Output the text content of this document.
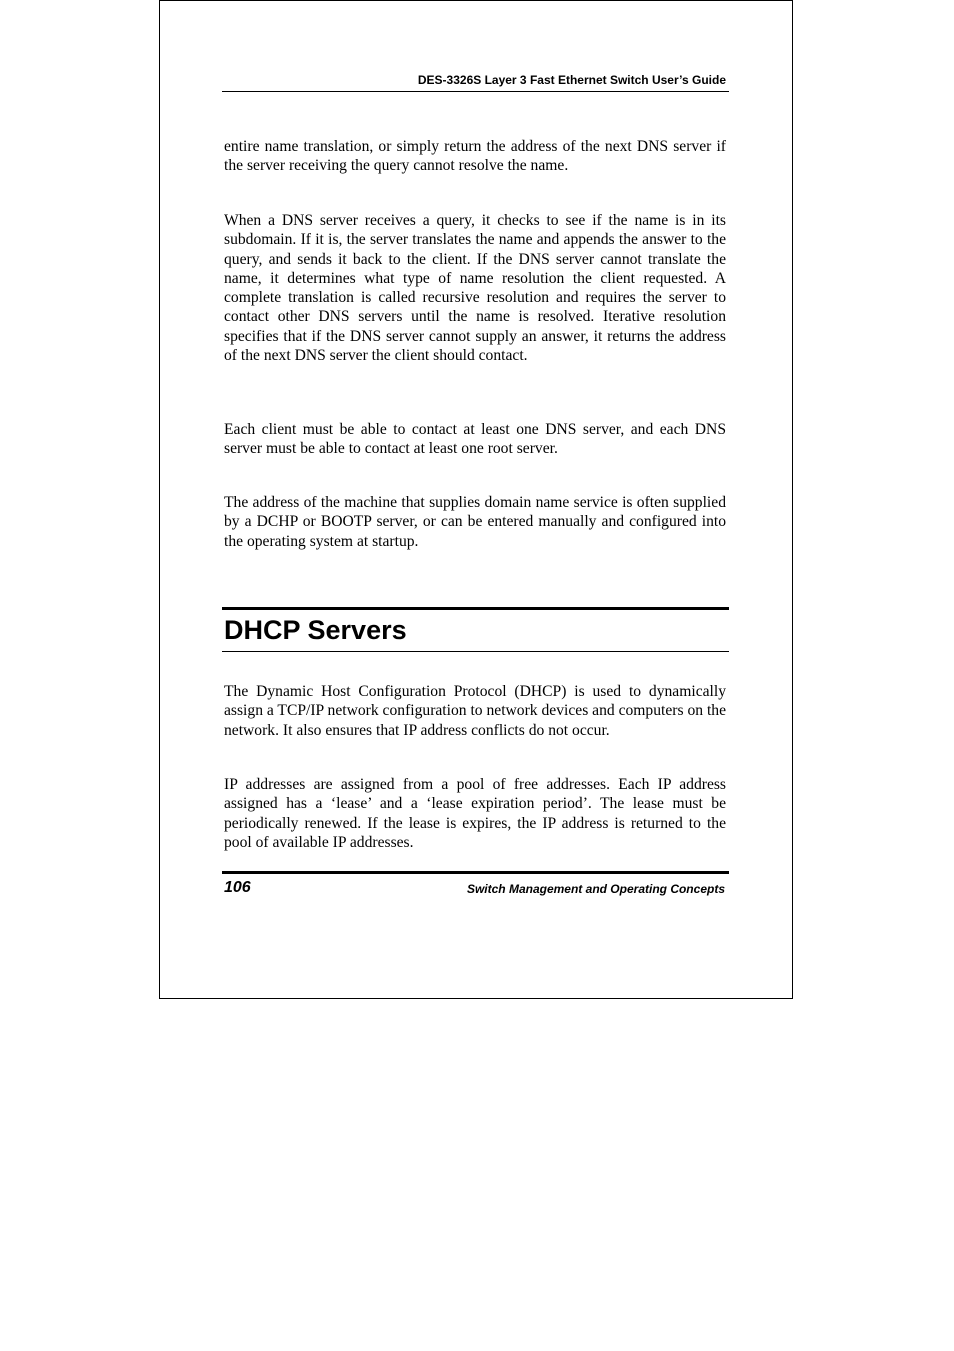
DES-3326S Layer 3 Fast Ethernet Switch User’s Guide

entire name translation, or simply return the address of the next DNS server if the server receiving the query cannot resolve the name.

When a DNS server receives a query, it checks to see if the name is in its subdomain. If it is, the server translates the name and appends the answer to the query, and sends it back to the client. If the DNS server cannot translate the name, it determines what type of name resolution the client requested. A complete translation is called recursive resolution and requires the server to contact other DNS servers until the name is resolved. Iterative resolution specifies that if the DNS server cannot supply an answer, it returns the address of the next DNS server the client should contact.

Each client must be able to contact at least one DNS server, and each DNS server must be able to contact at least one root server.

The address of the machine that supplies domain name service is often supplied by a DCHP or BOOTP server, or can be entered manually and configured into the operating system at startup.

DHCP Servers

The Dynamic Host Configuration Protocol (DHCP) is used to dynamically assign a TCP/IP network configuration to network devices and computers on the network. It also ensures that IP address conflicts do not occur.

IP addresses are assigned from a pool of free addresses. Each IP address assigned has a ‘lease’ and a ‘lease expiration period’. The lease must be periodically renewed. If the lease is expires, the IP address is returned to the pool of available IP addresses.

106	Switch Management and Operating Concepts
